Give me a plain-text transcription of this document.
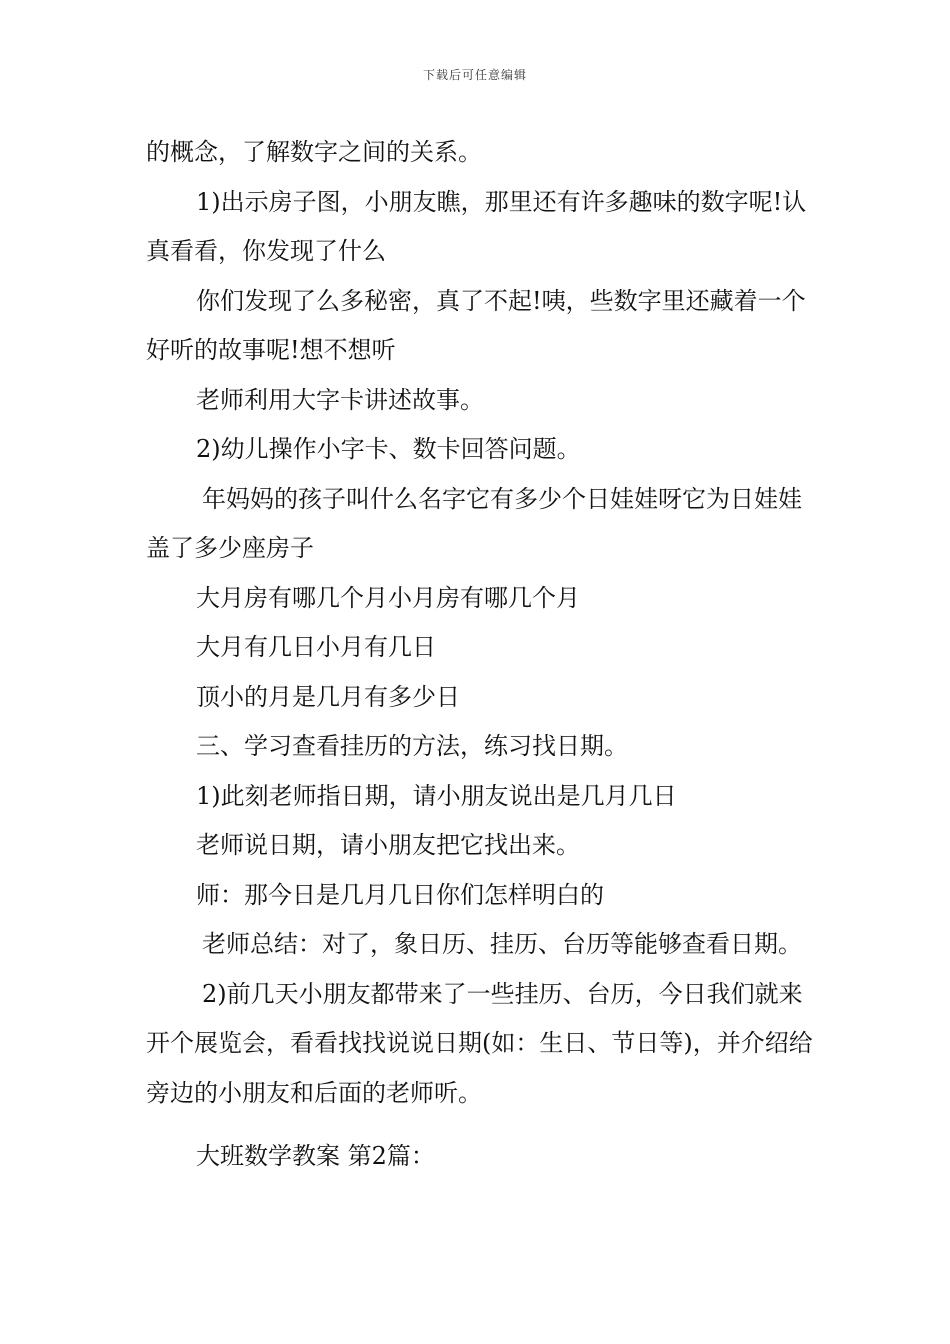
下载后可任意编辑

的概念，了解数字之间的关系。

1)出示房子图，小朋友瞧，那里还有许多趣味的数字呢!认真看看，你发现了什么

你们发现了么多秘密，真了不起!咦，些数字里还藏着一个好听的故事呢!想不想听

老师利用大字卡讲述故事。

2)幼儿操作小字卡、数卡回答问题。

年妈妈的孩子叫什么名字它有多少个日娃娃呀它为日娃娃盖了多少座房子

大月房有哪几个月小月房有哪几个月

大月有几日小月有几日

顶小的月是几月有多少日

三、学习查看挂历的方法，练习找日期。

1)此刻老师指日期，请小朋友说出是几月几日

老师说日期，请小朋友把它找出来。

师：那今日是几月几日你们怎样明白的

老师总结：对了，象日历、挂历、台历等能够查看日期。

2)前几天小朋友都带来了一些挂历、台历，今日我们就来开个展览会，看看找找说说日期(如：生日、节日等)，并介绍给旁边的小朋友和后面的老师听。

大班数学教案 第2篇：
